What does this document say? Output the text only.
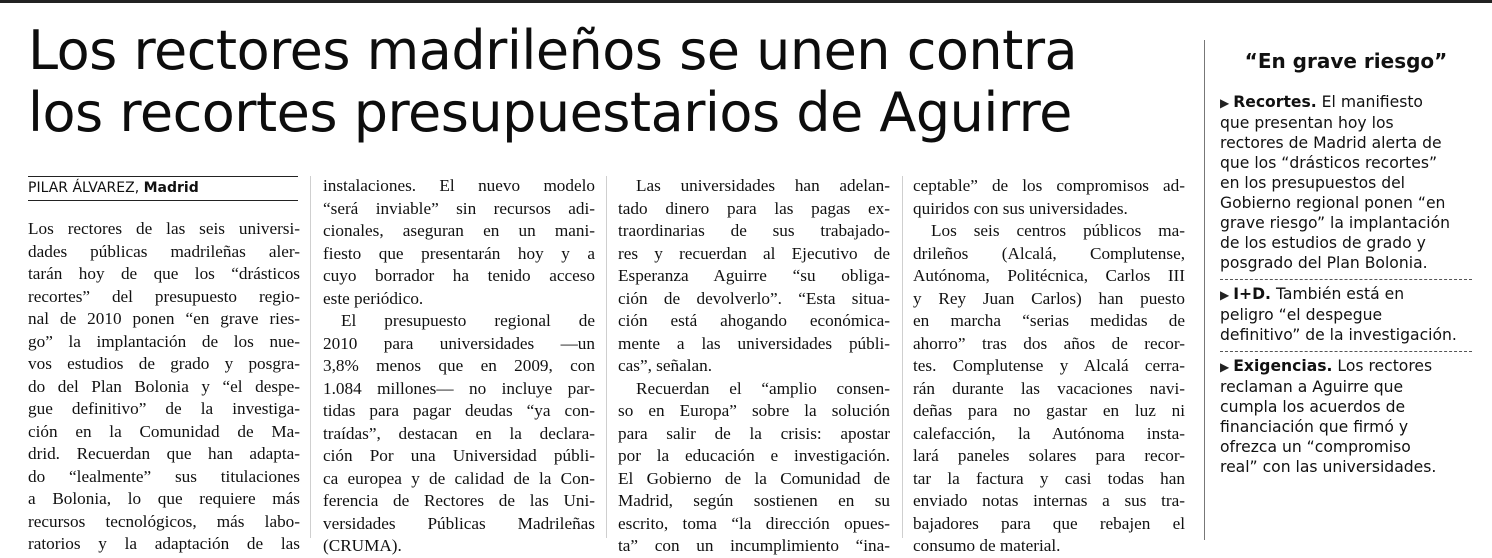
Los rectores madrileños se unen contra
los recortes presupuestarios de Aguirre
PILAR ÁLVAREZ, Madrid
Los rectores de las seis universi-
dades públicas madrileñas aler-
tarán hoy de que los “drásticos
recortes” del presupuesto regio-
nal de 2010 ponen “en grave ries-
go” la implantación de los nue-
vos estudios de grado y posgra-
do del Plan Bolonia y “el despe-
gue definitivo” de la investiga-
ción en la Comunidad de Ma-
drid. Recuerdan que han adapta-
do “lealmente” sus titulaciones
a Bolonia, lo que requiere más
recursos tecnológicos, más labo-
ratorios y la adaptación de las
instalaciones. El nuevo modelo
“será inviable” sin recursos adi-
cionales, aseguran en un mani-
fiesto que presentarán hoy y a
cuyo borrador ha tenido acceso
este periódico.
El presupuesto regional de
2010 para universidades —un
3,8% menos que en 2009, con
1.084 millones— no incluye par-
tidas para pagar deudas “ya con-
traídas”, destacan en la declara-
ción Por una Universidad públi-
ca europea y de calidad de la Con-
ferencia de Rectores de las Uni-
versidades Públicas Madrileñas
(CRUMA).
Las universidades han adelan-
tado dinero para las pagas ex-
traordinarias de sus trabajado-
res y recuerdan al Ejecutivo de
Esperanza Aguirre “su obliga-
ción de devolverlo”. “Esta situa-
ción está ahogando económica-
mente a las universidades públi-
cas”, señalan.
Recuerdan el “amplio consen-
so en Europa” sobre la solución
para salir de la crisis: apostar
por la educación e investigación.
El Gobierno de la Comunidad de
Madrid, según sostienen en su
escrito, toma “la dirección opues-
ta” con un incumplimiento “ina-
ceptable” de los compromisos ad-
quiridos con sus universidades.
Los seis centros públicos ma-
drileños (Alcalá, Complutense,
Autónoma, Politécnica, Carlos III
y Rey Juan Carlos) han puesto
en marcha “serias medidas de
ahorro” tras dos años de recor-
tes. Complutense y Alcalá cerra-
rán durante las vacaciones navi-
deñas para no gastar en luz ni
calefacción, la Autónoma insta-
lará paneles solares para recor-
tar la factura y casi todas han
enviado notas internas a sus tra-
bajadores para que rebajen el
consumo de material.
“En grave riesgo”
▶ Recortes. El manifiesto
que presentan hoy los
rectores de Madrid alerta de
que los “drásticos recortes”
en los presupuestos del
Gobierno regional ponen “en
grave riesgo” la implantación
de los estudios de grado y
posgrado del Plan Bolonia.
▶ I+D. También está en
peligro “el despegue
definitivo” de la investigación.
▶ Exigencias. Los rectores
reclaman a Aguirre que
cumpla los acuerdos de
financiación que firmó y
ofrezca un “compromiso
real” con las universidades.
